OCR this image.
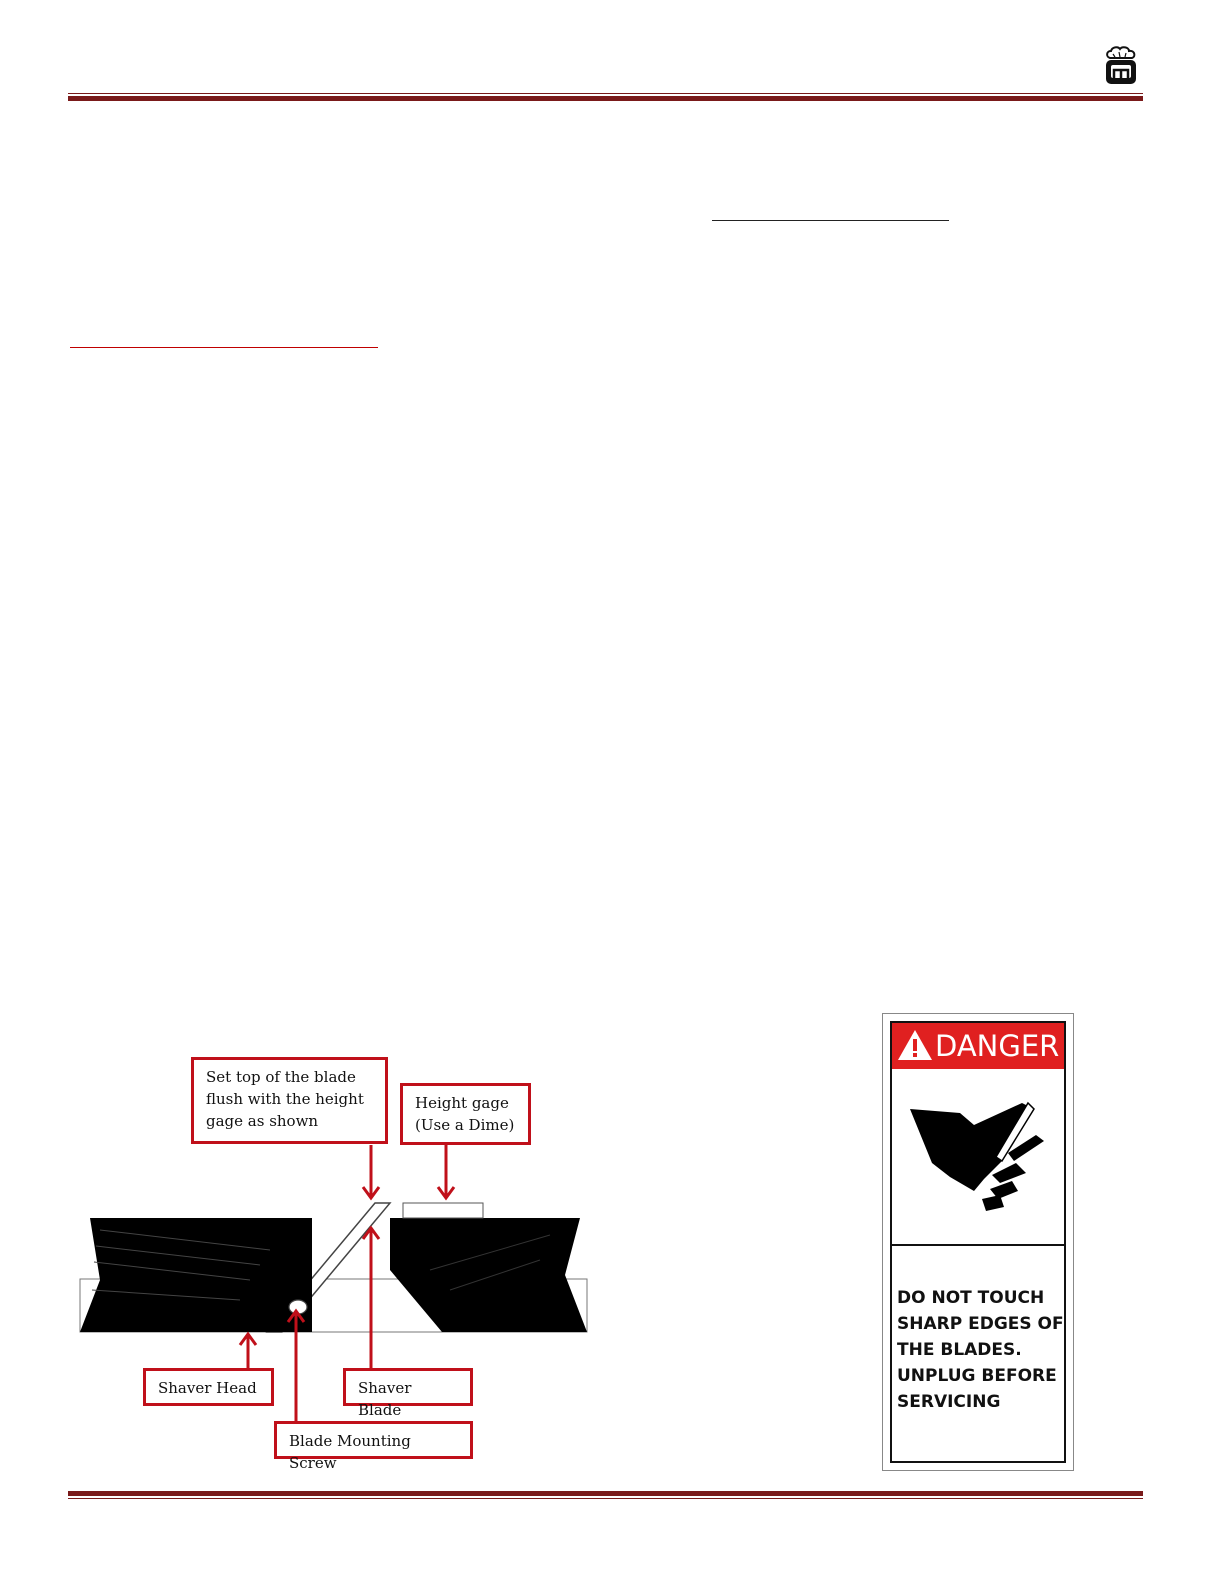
Set top of the blade
flush with the height
gage as shown
Height gage
(Use a Dime)
Shaver Head	Shaver Blade
Blade Mounting Screw
DANGER
DO NOT TOUCH
SHARP EDGES OF
THE BLADES.
UNPLUG BEFORE
SERVICING
